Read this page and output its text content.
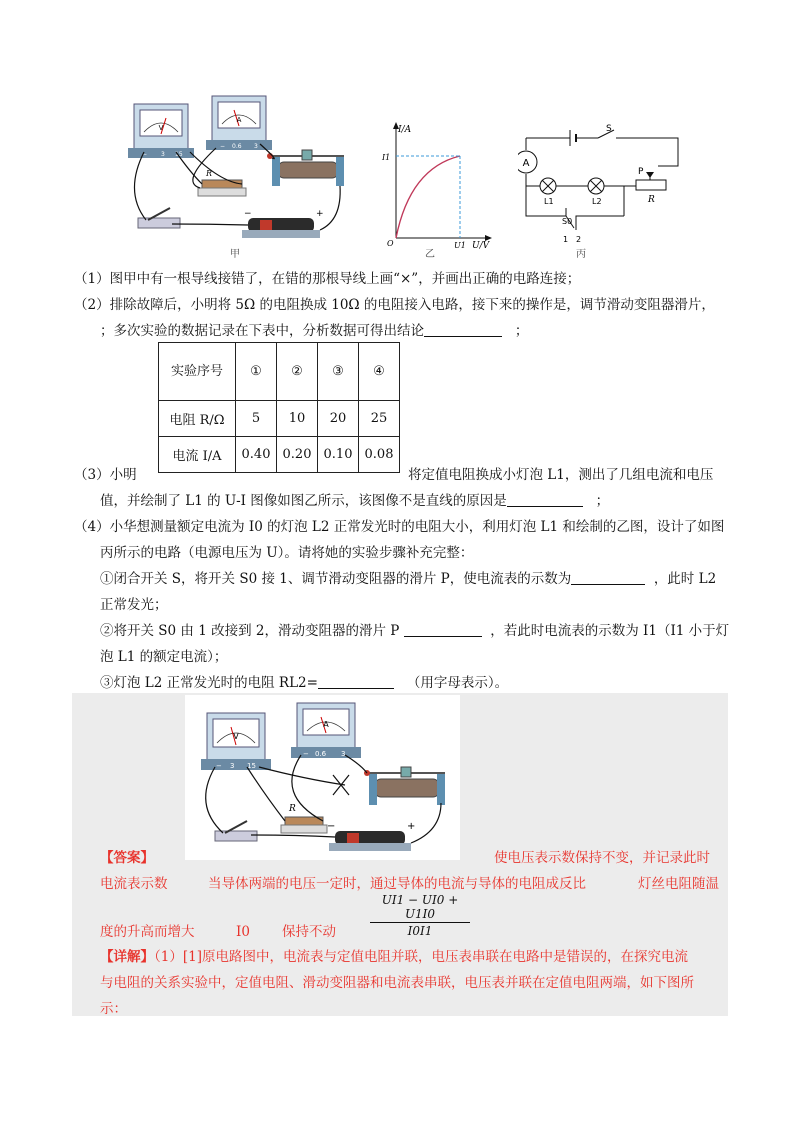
V
− 3 15
A
− 0.6 3
R
−	+
甲
I/A
U/V
I1
U1
O
乙
A
S
P
R
L1	L2
S0
1 2
丙
（1）图甲中有一根导线接错了，在错的那根导线上画“×”，并画出正确的电路连接；
（2）排除故障后，小明将 5Ω 的电阻换成 10Ω 的电阻接入电路，接下来的操作是，调节滑动变阻器滑片，
；多次实验的数据记录在下表中，分析数据可得出结论	；
实验序号	①	②	③	④
电阻 R/Ω	5	10	20	25
电流 I/A	0.40	0.20	0.10	0.08
（3）小明	将定值电阻换成小灯泡 L1，测出了几组电流和电压
值，并绘制了 L1 的 U-I 图像如图乙所示，该图像不是直线的原因是	；
（4）小华想测量额定电流为 I0 的灯泡 L2 正常发光时的电阻大小，利用灯泡 L1 和绘制的乙图，设计了如图
丙所示的电路（电源电压为 U）。请将她的实验步骤补充完整：
①闭合开关 S，将开关 S0 接 1、调节滑动变阻器的滑片 P，使电流表的示数为	，此时 L2
正常发光；
②将开关 S0 由 1 改接到 2，滑动变阻器的滑片 P	，若此时电流表的示数为 I1（I1 小于灯
泡 L1 的额定电流）；
③灯泡 L2 正常发光时的电阻 RL2=	（用字母表示）。
V
− 3 15
A
− 0.6 3
R
−	+
【答案】	使电压表示数保持不变，并记录此时
电流表示数	当导体两端的电压一定时，通过导体的电流与导体的电阻成反比	灯丝电阻随温
$\frac{UI1 - UI0 + U1I0}{I0I1}$
度的升高而增大	I0 保持不动
【详解】（1）[1]原电路图中，电流表与定值电阻并联，电压表串联在电路中是错误的，在探究电流
与电阻的关系实验中，定值电阻、滑动变阻器和电流表串联，电压表并联在定值电阻两端，如下图所
示：
